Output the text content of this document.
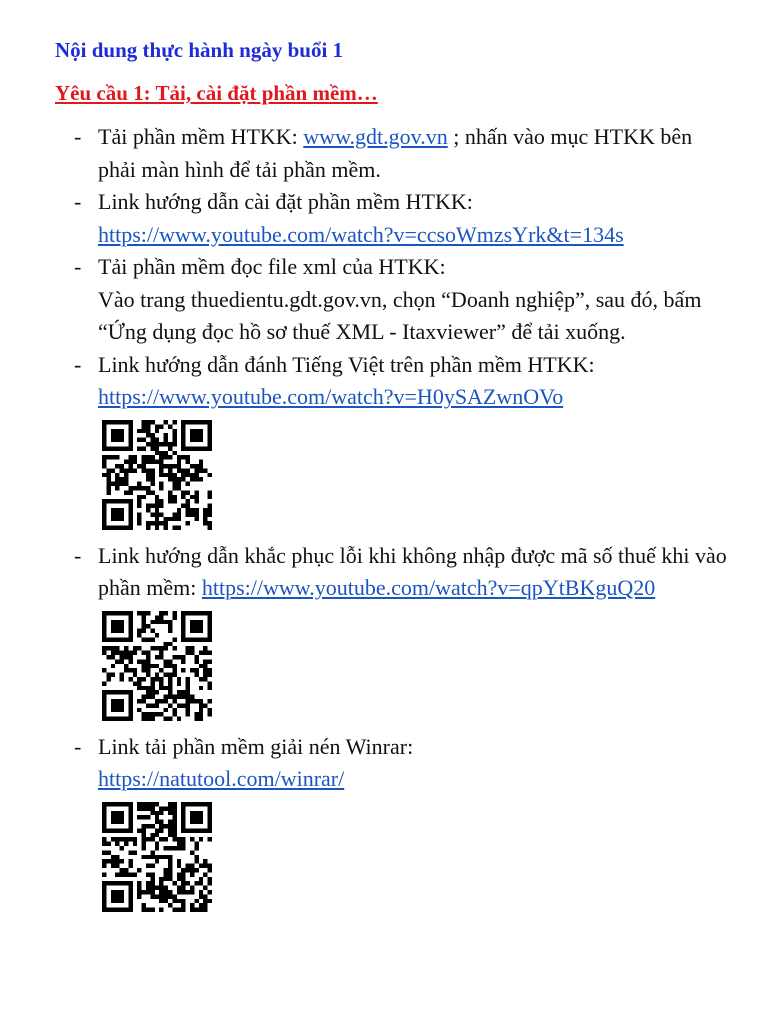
Nội dung thực hành ngày buổi 1
Yêu cầu 1: Tải, cài đặt phần mềm…
- Tải phần mềm HTKK: www.gdt.gov.vn ; nhấn vào mục HTKK bên phải màn hình để tải phần mềm.
- Link hướng dẫn cài đặt phần mềm HTKK:
https://www.youtube.com/watch?v=ccsoWmzsYrk&t=134s
- Tải phần mềm đọc file xml của HTKK:
Vào trang thuedientu.gdt.gov.vn, chọn “Doanh nghiệp”, sau đó, bấm “Ứng dụng đọc hồ sơ thuế XML - Itaxviewer” để tải xuống.
- Link hướng dẫn đánh Tiếng Việt trên phần mềm HTKK:
https://www.youtube.com/watch?v=H0ySAZwnOVo
- Link hướng dẫn khắc phục lỗi khi không nhập được mã số thuế khi vào phần mềm: https://www.youtube.com/watch?v=qpYtBKguQ20
- Link tải phần mềm giải nén Winrar:
https://natutool.com/winrar/
